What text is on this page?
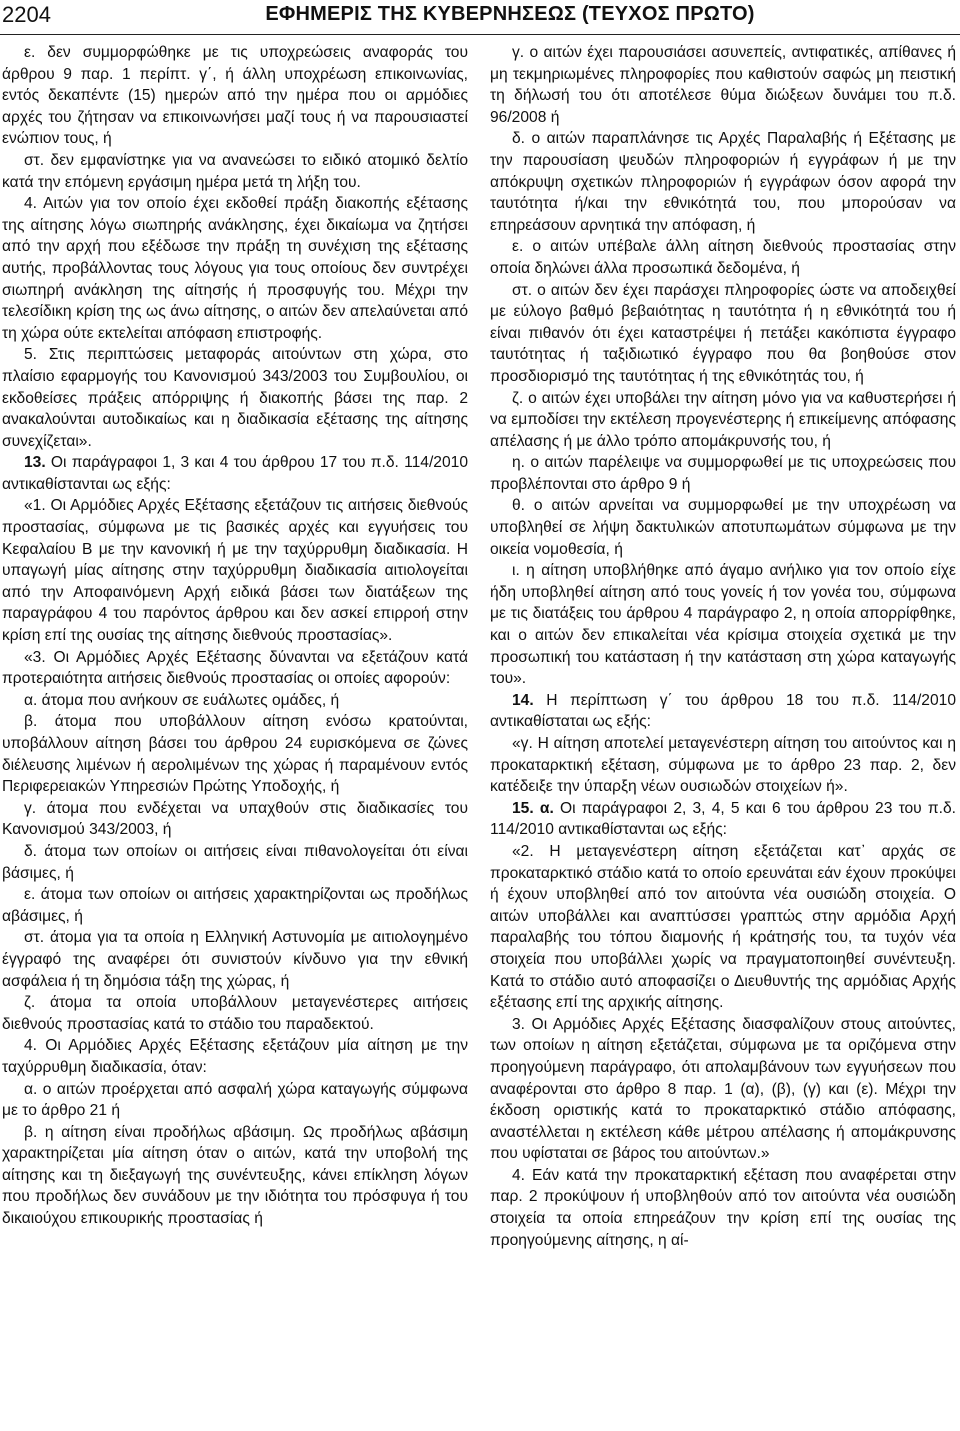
2204	ΕΦΗΜΕΡΙΣ ΤΗΣ ΚΥΒΕΡΝΗΣΕΩΣ (ΤΕΥΧΟΣ ΠΡΩΤΟ)

ε. δεν συμμορφώθηκε με τις υποχρεώσεις αναφοράς του άρθρου 9 παρ. 1 περίπτ. γ΄, ή άλλη υποχρέωση επικοινωνίας, εντός δεκαπέντε (15) ημερών από την ημέρα που οι αρμόδιες αρχές του ζήτησαν να επικοινωνήσει μαζί τους ή να παρουσιαστεί ενώπιον τους, ή

στ. δεν εμφανίστηκε για να ανανεώσει το ειδικό ατομικό δελτίο κατά την επόμενη εργάσιμη ημέρα μετά τη λήξη του.

4. Αιτών για τον οποίο έχει εκδοθεί πράξη διακοπής εξέτασης της αίτησης λόγω σιωπηρής ανάκλησης, έχει δικαίωμα να ζητήσει από την αρχή που εξέδωσε την πράξη τη συνέχιση της εξέτασης αυτής, προβάλλοντας τους λόγους για τους οποίους δεν συντρέχει σιωπηρή ανάκληση της αίτησής ή προσφυγής του. Μέχρι την τελεσίδικη κρίση της ως άνω αίτησης, ο αιτών δεν απελαύνεται από τη χώρα ούτε εκτελείται απόφαση επιστροφής.

5. Στις περιπτώσεις μεταφοράς αιτούντων στη χώρα, στο πλαίσιο εφαρμογής του Κανονισμού 343/2003 του Συμβουλίου, οι εκδοθείσες πράξεις απόρριψης ή διακοπής βάσει της παρ. 2 ανακαλούνται αυτοδικαίως και η διαδικασία εξέτασης της αίτησης συνεχίζεται».

13. Οι παράγραφοι 1, 3 και 4 του άρθρου 17 του π.δ. 114/2010 αντικαθίστανται ως εξής:

«1. Οι Αρμόδιες Αρχές Εξέτασης εξετάζουν τις αιτήσεις διεθνούς προστασίας, σύμφωνα με τις βασικές αρχές και εγγυήσεις του Κεφαλαίου Β με την κανονική ή με την ταχύρρυθμη διαδικασία. Η υπαγωγή μίας αίτησης στην ταχύρρυθμη διαδικασία αιτιολογείται από την Αποφαινόμενη Αρχή ειδικά βάσει των διατάξεων της παραγράφου 4 του παρόντος άρθρου και δεν ασκεί επιρροή στην κρίση επί της ουσίας της αίτησης διεθνούς προστασίας».

«3. Οι Αρμόδιες Αρχές Εξέτασης δύνανται να εξετάζουν κατά προτεραιότητα αιτήσεις διεθνούς προστασίας οι οποίες αφορούν:

α. άτομα που ανήκουν σε ευάλωτες ομάδες, ή

β. άτομα που υποβάλλουν αίτηση ενόσω κρατούνται, υποβάλλουν αίτηση βάσει του άρθρου 24 ευρισκόμενα σε ζώνες διέλευσης λιμένων ή αερολιμένων της χώρας ή παραμένουν εντός Περιφερειακών Υπηρεσιών Πρώτης Υποδοχής, ή

γ. άτομα που ενδέχεται να υπαχθούν στις διαδικασίες του Κανονισμού 343/2003, ή

δ. άτομα των οποίων οι αιτήσεις είναι πιθανολογείται ότι είναι βάσιμες, ή

ε. άτομα των οποίων οι αιτήσεις χαρακτηρίζονται ως προδήλως αβάσιμες, ή

στ. άτομα για τα οποία η Ελληνική Αστυνομία με αιτιολογημένο έγγραφό της αναφέρει ότι συνιστούν κίνδυνο για την εθνική ασφάλεια ή τη δημόσια τάξη της χώρας, ή

ζ. άτομα τα οποία υποβάλλουν μεταγενέστερες αιτήσεις διεθνούς προστασίας κατά το στάδιο του παραδεκτού.

4. Οι Αρμόδιες Αρχές Εξέτασης εξετάζουν μία αίτηση με την ταχύρρυθμη διαδικασία, όταν:

α. ο αιτών προέρχεται από ασφαλή χώρα καταγωγής σύμφωνα με το άρθρο 21 ή

β. η αίτηση είναι προδήλως αβάσιμη. Ως προδήλως αβάσιμη χαρακτηρίζεται μία αίτηση όταν ο αιτών, κατά την υποβολή της αίτησης και τη διεξαγωγή της συνέντευξης, κάνει επίκληση λόγων που προδήλως δεν συνάδουν με την ιδιότητα του πρόσφυγα ή του δικαιούχου επικουρικής προστασίας ή

γ. ο αιτών έχει παρουσιάσει ασυνεπείς, αντιφατικές, απίθανες ή μη τεκμηριωμένες πληροφορίες που καθιστούν σαφώς μη πειστική τη δήλωσή του ότι αποτέλεσε θύμα διώξεων δυνάμει του π.δ. 96/2008 ή

δ. ο αιτών παραπλάνησε τις Αρχές Παραλαβής ή Εξέτασης με την παρουσίαση ψευδών πληροφοριών ή εγγράφων ή με την απόκρυψη σχετικών πληροφοριών ή εγγράφων όσον αφορά την ταυτότητα ή/και την εθνικότητά του, που μπορούσαν να επηρεάσουν αρνητικά την απόφαση, ή

ε. ο αιτών υπέβαλε άλλη αίτηση διεθνούς προστασίας στην οποία δηλώνει άλλα προσωπικά δεδομένα, ή

στ. ο αιτών δεν έχει παράσχει πληροφορίες ώστε να αποδειχθεί με εύλογο βαθμό βεβαιότητας η ταυτότητα ή η εθνικότητά του ή είναι πιθανόν ότι έχει καταστρέψει ή πετάξει κακόπιστα έγγραφο ταυτότητας ή ταξιδιωτικό έγγραφο που θα βοηθούσε στον προσδιορισμό της ταυτότητας ή της εθνικότητάς του, ή

ζ. ο αιτών έχει υποβάλει την αίτηση μόνο για να καθυστερήσει ή να εμποδίσει την εκτέλεση προγενέστερης ή επικείμενης απόφασης απέλασης ή με άλλο τρόπο απομάκρυνσής του, ή

η. ο αιτών παρέλειψε να συμμορφωθεί με τις υποχρεώσεις που προβλέπονται στο άρθρο 9 ή

θ. ο αιτών αρνείται να συμμορφωθεί με την υποχρέωση να υποβληθεί σε λήψη δακτυλικών αποτυπωμάτων σύμφωνα με την οικεία νομοθεσία, ή

ι. η αίτηση υποβλήθηκε από άγαμο ανήλικο για τον οποίο είχε ήδη υποβληθεί αίτηση από τους γονείς ή τον γονέα του, σύμφωνα με τις διατάξεις του άρθρου 4 παράγραφο 2, η οποία απορρίφθηκε, και ο αιτών δεν επικαλείται νέα κρίσιμα στοιχεία σχετικά με την προσωπική του κατάσταση ή την κατάσταση στη χώρα καταγωγής του».

14. Η περίπτωση γ΄ του άρθρου 18 του π.δ. 114/2010 αντικαθίσταται ως εξής:

«γ. Η αίτηση αποτελεί μεταγενέστερη αίτηση του αιτούντος και η προκαταρκτική εξέταση, σύμφωνα με το άρθρο 23 παρ. 2, δεν κατέδειξε την ύπαρξη νέων ουσιωδών στοιχείων ή».

15. α. Οι παράγραφοι 2, 3, 4, 5 και 6 του άρθρου 23 του π.δ. 114/2010 αντικαθίστανται ως εξής:

«2. Η μεταγενέστερη αίτηση εξετάζεται κατ᾽ αρχάς σε προκαταρκτικό στάδιο κατά το οποίο ερευνάται εάν έχουν προκύψει ή έχουν υποβληθεί από τον αιτούντα νέα ουσιώδη στοιχεία. Ο αιτών υποβάλλει και αναπτύσσει γραπτώς στην αρμόδια Αρχή παραλαβής του τόπου διαμονής ή κράτησής του, τα τυχόν νέα στοιχεία που υποβάλλει χωρίς να πραγματοποιηθεί συνέντευξη. Κατά το στάδιο αυτό αποφασίζει ο Διευθυντής της αρμόδιας Αρχής εξέτασης επί της αρχικής αίτησης.

3. Οι Αρμόδιες Αρχές Εξέτασης διασφαλίζουν στους αιτούντες, των οποίων η αίτηση εξετάζεται, σύμφωνα με τα οριζόμενα στην προηγούμενη παράγραφο, ότι απολαμβάνουν των εγγυήσεων που αναφέρονται στο άρθρο 8 παρ. 1 (α), (β), (γ) και (ε). Μέχρι την έκδοση οριστικής κατά το προκαταρκτικό στάδιο απόφασης, αναστέλλεται η εκτέλεση κάθε μέτρου απέλασης ή απομάκρυνσης που υφίσταται σε βάρος του αιτούντων.»

4. Εάν κατά την προκαταρκτική εξέταση που αναφέρεται στην παρ. 2 προκύψουν ή υποβληθούν από τον αιτούντα νέα ουσιώδη στοιχεία τα οποία επηρεάζουν την κρίση επί της ουσίας της προηγούμενης αίτησης, η αί-
